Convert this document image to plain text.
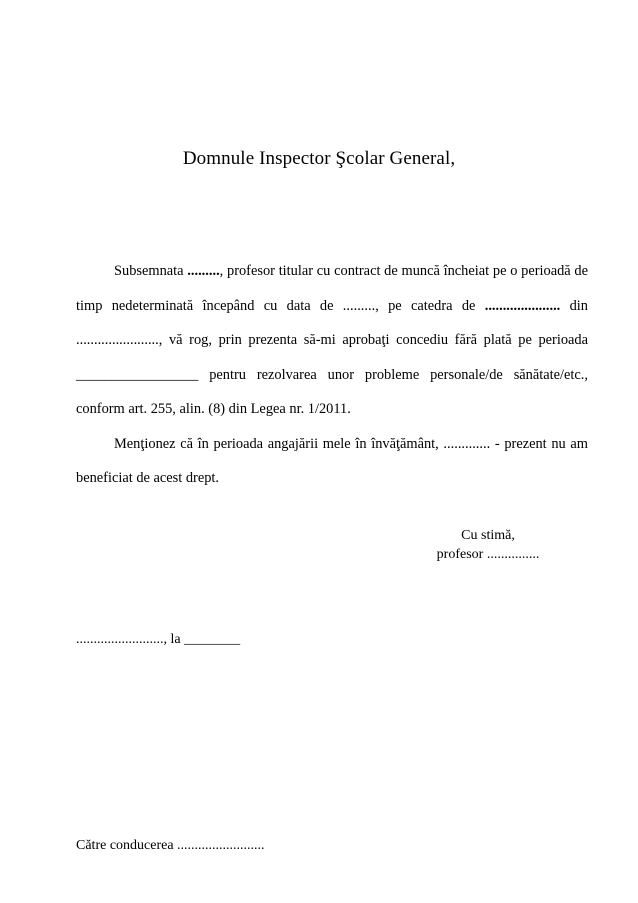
Domnule Inspector Şcolar General,

Subsemnata ........., profesor titular cu contract de muncă încheiat pe o perioadă de timp nedeterminată începând cu data de ........., pe catedra de ..................... din ......................., vă rog, prin prezenta să-mi aprobaţi concediu fără plată pe perioada _________________ pentru rezolvarea unor probleme personale/de sănătate/etc., conform art. 255, alin. (8) din Legea nr. 1/2011.

Menţionez că în perioada angajării mele în învăţământ, ............. - prezent nu am beneficiat de acest drept.

Cu stimă,
profesor ...............
........................., la ________
Către conducerea .........................
